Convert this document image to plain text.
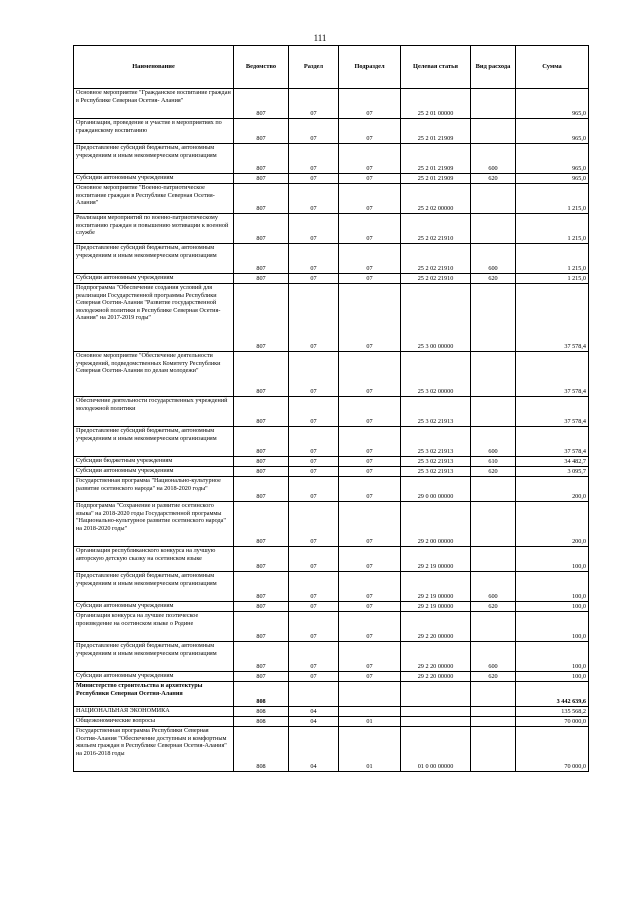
111
Наименование	Ведомство	Раздел	Подраздел	Целевая статья	Вид расхода	Сумма
Основное мероприятие "Гражданское воспитание граждан в Республике Северная Осетия- Алания"	807	07	07	25 2 01 00000		965,0
Организация, проведение и участие в мероприятиях по гражданскому воспитанию	807	07	07	25 2 01 21909		965,0
Предоставление субсидий бюджетным, автономным учреждениям и иным некоммерческим организациям	807	07	07	25 2 01 21909	600	965,0
Субсидии автономным учреждениям	807	07	07	25 2 01 21909	620	965,0
Основное мероприятие "Военно-патриотическое воспитание граждан в Республике Северная Осетия- Алания"	807	07	07	25 2 02 00000		1 215,0
Реализация мероприятий по военно-патриотическому воспитанию граждан и повышению мотивации к военной службе	807	07	07	25 2 02 21910		1 215,0
Предоставление субсидий бюджетным, автономным учреждениям и иным некоммерческим организациям	807	07	07	25 2 02 21910	600	1 215,0
Субсидии автономным учреждениям	807	07	07	25 2 02 21910	620	1 215,0
Подпрограмма "Обеспечение создания условий для реализации Государственной программы Республики Северная Осетия-Алания "Развитие государственной молодежной политики в Республике Северная Осетия-Алания" на 2017-2019 годы"	807	07	07	25 3 00 00000		37 578,4
Основное мероприятие "Обеспечение деятельности учреждений, подведомственных Комитету Республики Северная Осетия-Алания по делам молодежи"	807	07	07	25 3 02 00000		37 578,4
Обеспечение деятельности государственных учреждений молодежной политики	807	07	07	25 3 02 21913		37 578,4
Предоставление субсидий бюджетным, автономным учреждениям и иным некоммерческим организациям	807	07	07	25 3 02 21913	600	37 578,4
Субсидии бюджетным учреждениям	807	07	07	25 3 02 21913	610	34 482,7
Субсидии автономным учреждениям	807	07	07	25 3 02 21913	620	3 095,7
Государственная программа "Национально-культурное развитие осетинского народа" на 2018-2020 годы"	807	07	07	29 0 00 00000		200,0
Подпрограмма "Сохранение и развитие осетинского языка" на 2018-2020 годы Государственной программы "Национально-культурное развитие осетинского народа" на 2018-2020 годы"	807	07	07	29 2 00 00000		200,0
Организация республиканского конкурса на лучшую авторскую детскую сказку на осетинском языке	807	07	07	29 2 19 00000		100,0
Предоставление субсидий бюджетным, автономным учреждениям и иным некоммерческим организациям	807	07	07	29 2 19 00000	600	100,0
Субсидии автономным учреждениям	807	07	07	29 2 19 00000	620	100,0
Организация конкурса на лучшее поэтическое произведение на осетинском языке о Родине	807	07	07	29 2 20 00000		100,0
Предоставление субсидий бюджетным, автономным учреждениям и иным некоммерческим организациям	807	07	07	29 2 20 00000	600	100,0
Субсидии автономным учреждениям	807	07	07	29 2 20 00000	620	100,0
Министерство строительства и архитектуры Республики Северная Осетия-Алания	808					3 442 639,6
НАЦИОНАЛЬНАЯ ЭКОНОМИКА	808	04				135 568,2
Общеэкономические вопросы	808	04	01			70 000,0
Государственная программа Республики Северная Осетия-Алания "Обеспечение доступным и комфортным жильем граждан в Республике Северная Осетия-Алания" на 2016-2018 годы	808	04	01	01 0 00 00000		70 000,0
